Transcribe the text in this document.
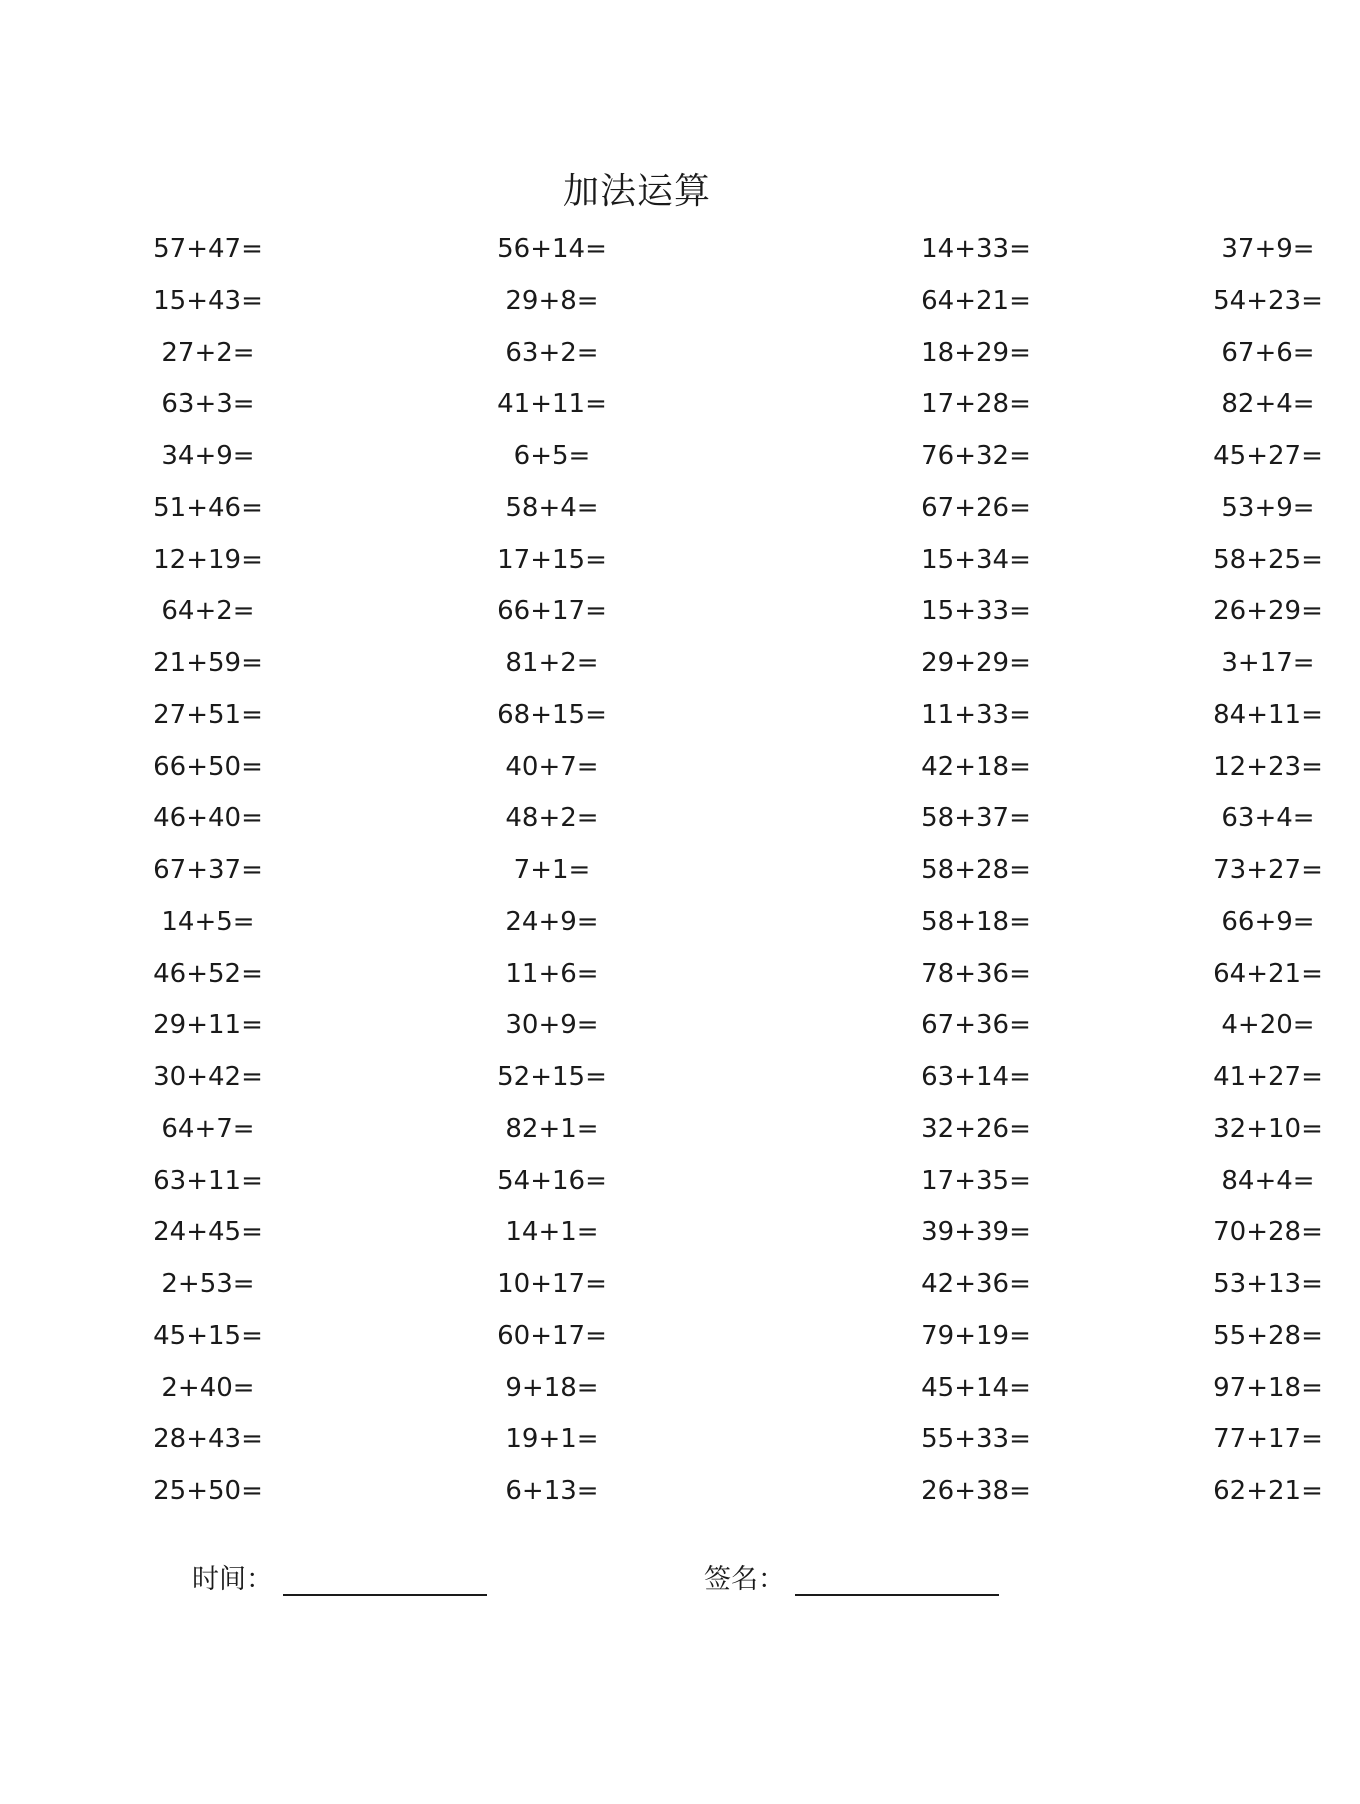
加法运算
57+47=	56+14=	14+33=	37+9=
15+43=	29+8=	64+21=	54+23=
27+2=	63+2=	18+29=	67+6=
63+3=	41+11=	17+28=	82+4=
34+9=	6+5=	76+32=	45+27=
51+46=	58+4=	67+26=	53+9=
12+19=	17+15=	15+34=	58+25=
64+2=	66+17=	15+33=	26+29=
21+59=	81+2=	29+29=	3+17=
27+51=	68+15=	11+33=	84+11=
66+50=	40+7=	42+18=	12+23=
46+40=	48+2=	58+37=	63+4=
67+37=	7+1=	58+28=	73+27=
14+5=	24+9=	58+18=	66+9=
46+52=	11+6=	78+36=	64+21=
29+11=	30+9=	67+36=	4+20=
30+42=	52+15=	63+14=	41+27=
64+7=	82+1=	32+26=	32+10=
63+11=	54+16=	17+35=	84+4=
24+45=	14+1=	39+39=	70+28=
2+53=	10+17=	42+36=	53+13=
45+15=	60+17=	79+19=	55+28=
2+40=	9+18=	45+14=	97+18=
28+43=	19+1=	55+33=	77+17=
25+50=	6+13=	26+38=	62+21=
时间：	签名：
